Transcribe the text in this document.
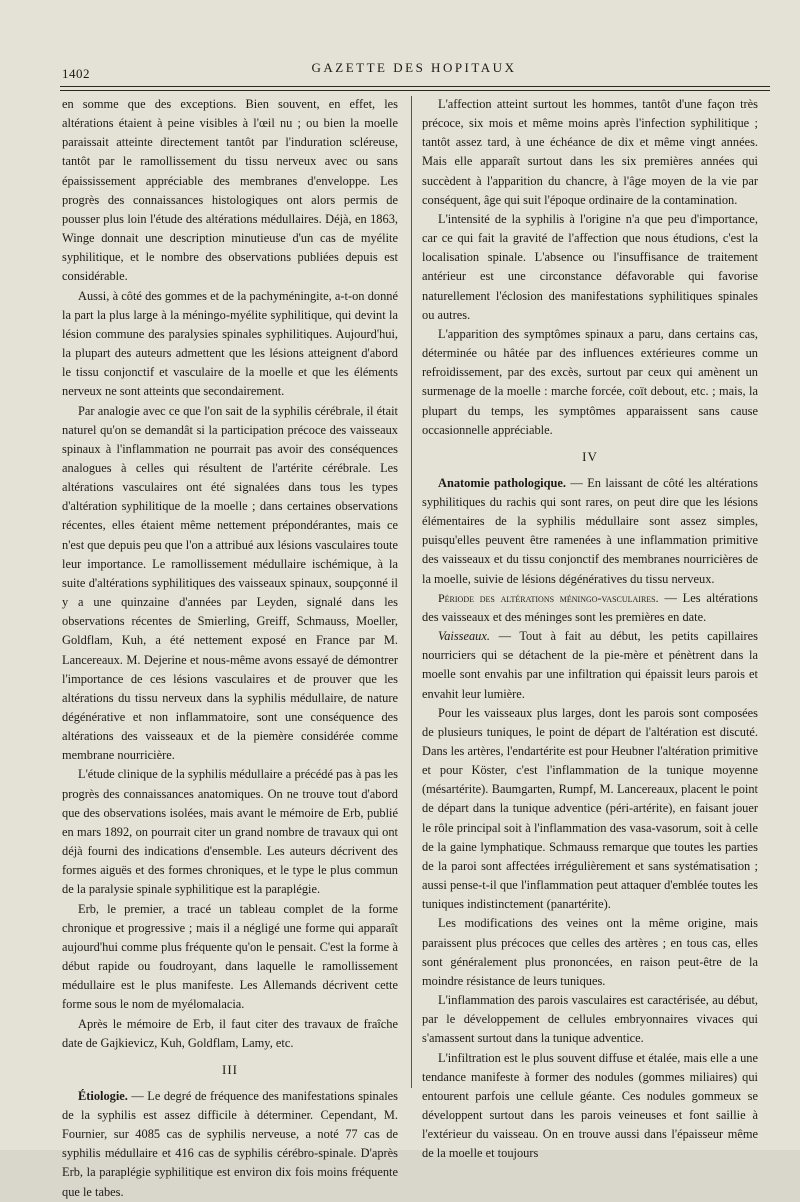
1402	GAZETTE DES HOPITAUX

en somme que des exceptions. Bien souvent, en effet, les altérations étaient à peine visibles à l'œil nu ; ou bien la moelle paraissait atteinte directement tantôt par l'induration scléreuse, tantôt par le ramollissement du tissu nerveux avec ou sans épaississement appréciable des membranes d'enveloppe. Les progrès des connaissances histologiques ont alors permis de pousser plus loin l'étude des altérations médullaires. Déjà, en 1863, Winge donnait une description minutieuse d'un cas de myélite syphilitique, et le nombre des observations publiées depuis est considérable.

Aussi, à côté des gommes et de la pachyméningite, a-t-on donné la part la plus large à la méningo-myélite syphilitique, qui devint la lésion commune des paralysies spinales syphilitiques. Aujourd'hui, la plupart des auteurs admettent que les lésions atteignent d'abord le tissu conjonctif et vasculaire de la moelle et que les éléments nerveux ne sont atteints que secondairement.

Par analogie avec ce que l'on sait de la syphilis cérébrale, il était naturel qu'on se demandât si la participation précoce des vaisseaux spinaux à l'inflammation ne pourrait pas avoir des conséquences analogues à celles qui résultent de l'artérite cérébrale. Les altérations vasculaires ont été signalées dans tous les types d'altération syphilitique de la moelle ; dans certaines observations récentes, elles étaient même nettement prépondérantes, mais ce n'est que depuis peu que l'on a attribué aux lésions vasculaires toute leur importance. Le ramollissement médullaire ischémique, à la suite d'altérations syphilitiques des vaisseaux spinaux, soupçonné il y a une quinzaine d'années par Leyden, signalé dans les observations récentes de Smierling, Greiff, Schmauss, Moeller, Goldflam, Kuh, a été nettement exposé en France par M. Lancereaux. M. Dejerine et nous-même avons essayé de démontrer l'importance de ces lésions vasculaires et de prouver que les altérations du tissu nerveux dans la syphilis médullaire, de nature dégénérative et non inflammatoire, sont une conséquence des altérations des vaisseaux et de la piemère considérée comme membrane nourricière.

L'étude clinique de la syphilis médullaire a précédé pas à pas les progrès des connaissances anatomiques. On ne trouve tout d'abord que des observations isolées, mais avant le mémoire de Erb, publié en mars 1892, on pourrait citer un grand nombre de travaux qui ont déjà fourni des indications d'ensemble. Les auteurs décrivent des formes aiguës et des formes chroniques, et le type le plus commun de la paralysie spinale syphilitique est la paraplégie.

Erb, le premier, a tracé un tableau complet de la forme chronique et progressive ; mais il a négligé une forme qui apparaît aujourd'hui comme plus fréquente qu'on le pensait. C'est la forme à début rapide ou foudroyant, dans laquelle le ramollissement médullaire est le plus manifeste. Les Allemands décrivent cette forme sous le nom de myélomalacia.

Après le mémoire de Erb, il faut citer des travaux de fraîche date de Gajkievicz, Kuh, Goldflam, Lamy, etc.

III

Étiologie. — Le degré de fréquence des manifestations spinales de la syphilis est assez difficile à déterminer. Cependant, M. Fournier, sur 4085 cas de syphilis nerveuse, a noté 77 cas de syphilis médullaire et 416 cas de syphilis cérébro-spinale. D'après Erb, la paraplégie syphilitique est environ dix fois moins fréquente que le tabes.

L'affection atteint surtout les hommes, tantôt d'une façon très précoce, six mois et même moins après l'infection syphilitique ; tantôt assez tard, à une échéance de dix et même vingt années. Mais elle apparaît surtout dans les six premières années qui succèdent à l'apparition du chancre, à l'âge moyen de la vie par conséquent, âge qui suit l'époque ordinaire de la contamination.

L'intensité de la syphilis à l'origine n'a que peu d'importance, car ce qui fait la gravité de l'affection que nous étudions, c'est la localisation spinale. L'absence ou l'insuffisance de traitement antérieur est une circonstance défavorable qui favorise naturellement l'éclosion des manifestations syphilitiques spinales ou autres.

L'apparition des symptômes spinaux a paru, dans certains cas, déterminée ou hâtée par des influences extérieures comme un refroidissement, par des excès, surtout par ceux qui amènent un surmenage de la moelle : marche forcée, coït debout, etc. ; mais, la plupart du temps, les symptômes apparaissent sans cause occasionnelle appréciable.

IV

Anatomie pathologique. — En laissant de côté les altérations syphilitiques du rachis qui sont rares, on peut dire que les lésions élémentaires de la syphilis médullaire sont assez simples, puisqu'elles peuvent être ramenées à une inflammation primitive des vaisseaux et du tissu conjonctif des membranes nourricières de la moelle, suivie de lésions dégénératives du tissu nerveux.

Période des altérations méningo-vasculaires. — Les altérations des vaisseaux et des méninges sont les premières en date.

Vaisseaux. — Tout à fait au début, les petits capillaires nourriciers qui se détachent de la pie-mère et pénètrent dans la moelle sont envahis par une infiltration qui épaissit leurs parois et envahit leur lumière.

Pour les vaisseaux plus larges, dont les parois sont composées de plusieurs tuniques, le point de départ de l'altération est discuté. Dans les artères, l'endartérite est pour Heubner l'altération primitive et pour Köster, c'est l'inflammation de la tunique moyenne (mésartérite). Baumgarten, Rumpf, M. Lancereaux, placent le point de départ dans la tunique adventice (péri-artérite), en faisant jouer le rôle principal soit à l'inflammation des vasa-vasorum, soit à celle de la gaine lymphatique. Schmauss remarque que toutes les parties de la paroi sont affectées irrégulièrement et sans systématisation ; aussi pense-t-il que l'inflammation peut attaquer d'emblée toutes les tuniques indistinctement (panartérite).

Les modifications des veines ont la même origine, mais paraissent plus précoces que celles des artères ; en tous cas, elles sont généralement plus prononcées, en raison peut-être de la moindre résistance de leurs tuniques.

L'inflammation des parois vasculaires est caractérisée, au début, par le développement de cellules embryonnaires vivaces qui s'amassent surtout dans la tunique adventice.

L'infiltration est le plus souvent diffuse et étalée, mais elle a une tendance manifeste à former des nodules (gommes miliaires) qui entourent parfois une cellule géante. Ces nodules gommeux se développent surtout dans les parois veineuses et font saillie à l'extérieur du vaisseau. On en trouve aussi dans l'épaisseur même de la moelle et toujours
